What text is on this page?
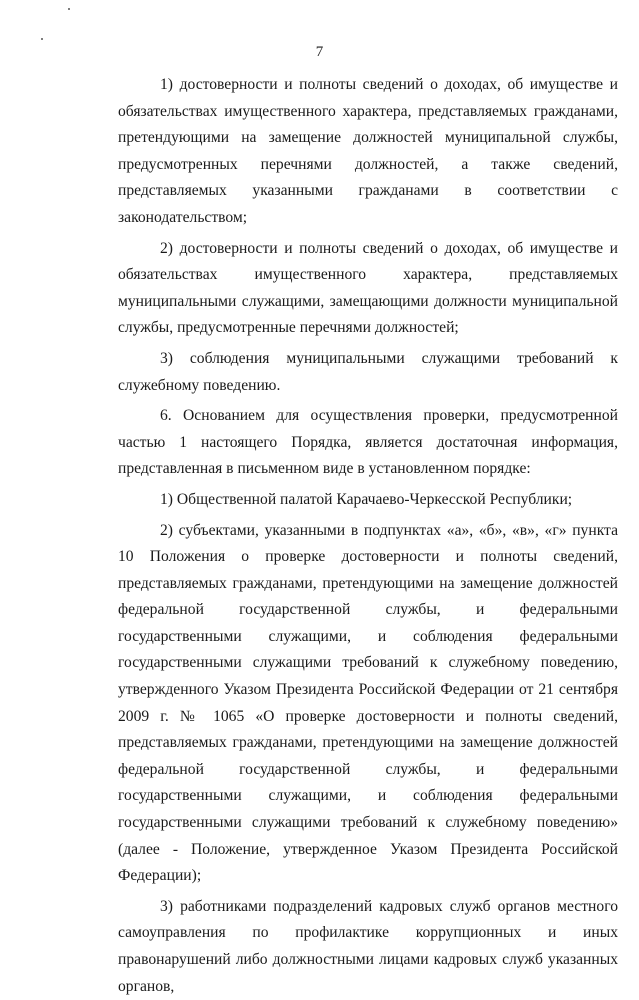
7

1) достоверности и полноты сведений о доходах, об имуществе и обязательствах имущественного характера, представляемых гражданами, претендующими на замещение должностей муниципальной службы, предусмотренных перечнями должностей, а также сведений, представляемых указанными гражданами в соответствии с законодательством;

2) достоверности и полноты сведений о доходах, об имуществе и обязательствах имущественного характера, представляемых муниципальными служащими, замещающими должности муниципальной службы, предусмотренные перечнями должностей;

3) соблюдения муниципальными служащими требований к служебному поведению.

6. Основанием для осуществления проверки, предусмотренной частью 1 настоящего Порядка, является достаточная информация, представленная в письменном виде в установленном порядке:

1) Общественной палатой Карачаево-Черкесской Республики;

2) субъектами, указанными в подпунктах «а», «б», «в», «г» пункта 10 Положения о проверке достоверности и полноты сведений, представляемых гражданами, претендующими на замещение должностей федеральной государственной службы, и федеральными государственными служащими, и соблюдения федеральными государственными служащими требований к служебному поведению, утвержденного Указом Президента Российской Федерации от 21 сентября 2009 г. № 1065 «О проверке достоверности и полноты сведений, представляемых гражданами, претендующими на замещение должностей федеральной государственной службы, и федеральными государственными служащими, и соблюдения федеральными государственными служащими требований к служебному поведению» (далее - Положение, утвержденное Указом Президента Российской Федерации);

3) работниками подразделений кадровых служб органов местного самоуправления по профилактике коррупционных и иных правонарушений либо должностными лицами кадровых служб указанных органов,
